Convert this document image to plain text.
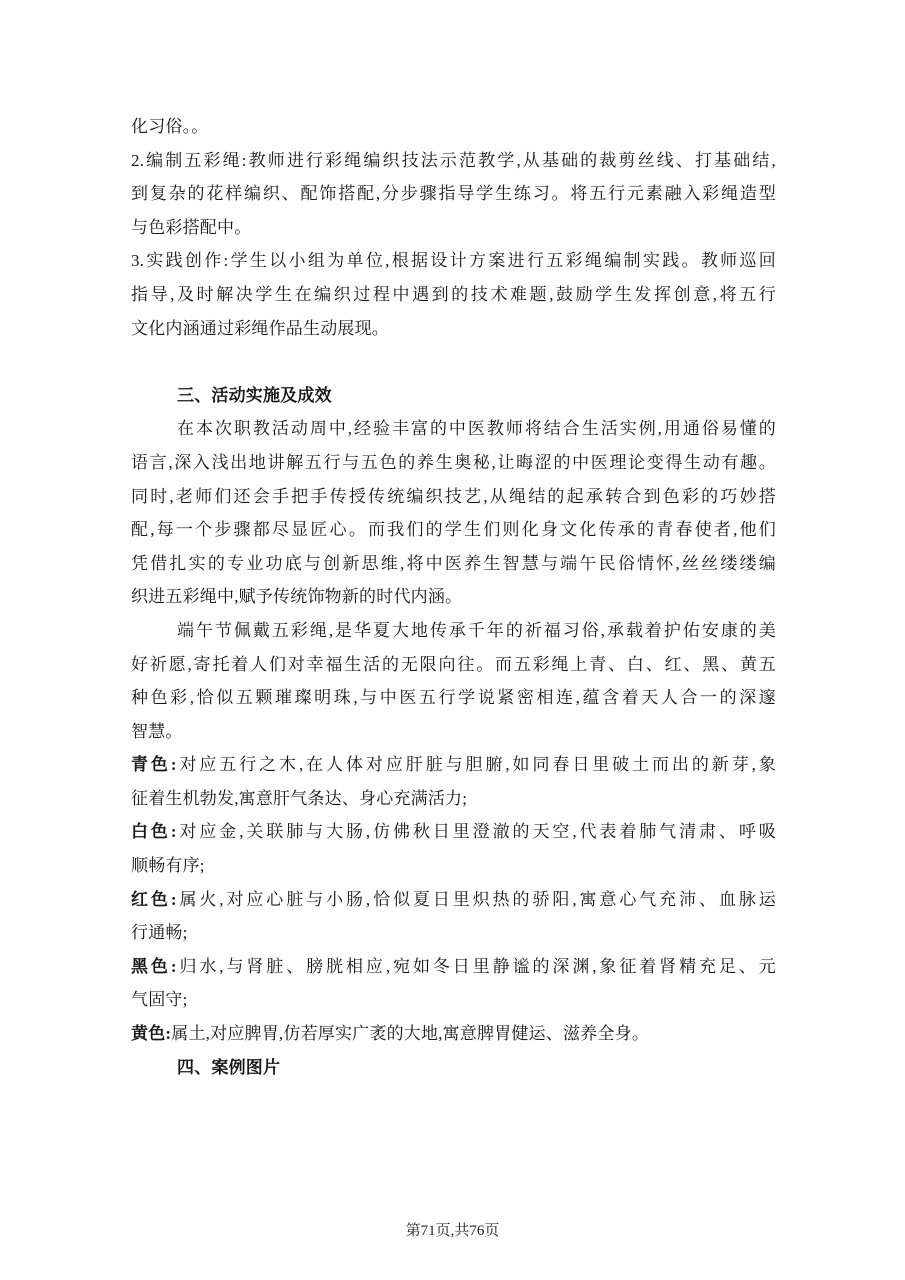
化习俗。。
2.编制五彩绳:教师进行彩绳编织技法示范教学,从基础的裁剪丝线、打基础结,
到复杂的花样编织、配饰搭配,分步骤指导学生练习。将五行元素融入彩绳造型
与色彩搭配中。
3.实践创作:学生以小组为单位,根据设计方案进行五彩绳编制实践。教师巡回
指导,及时解决学生在编织过程中遇到的技术难题,鼓励学生发挥创意,将五行
文化内涵通过彩绳作品生动展现。
三、活动实施及成效
在本次职教活动周中,经验丰富的中医教师将结合生活实例,用通俗易懂的
语言,深入浅出地讲解五行与五色的养生奥秘,让晦涩的中医理论变得生动有趣。
同时,老师们还会手把手传授传统编织技艺,从绳结的起承转合到色彩的巧妙搭
配,每一个步骤都尽显匠心。而我们的学生们则化身文化传承的青春使者,他们
凭借扎实的专业功底与创新思维,将中医养生智慧与端午民俗情怀,丝丝缕缕编
织进五彩绳中,赋予传统饰物新的时代内涵。
端午节佩戴五彩绳,是华夏大地传承千年的祈福习俗,承载着护佑安康的美
好祈愿,寄托着人们对幸福生活的无限向往。而五彩绳上青、白、红、黑、黄五
种色彩,恰似五颗璀璨明珠,与中医五行学说紧密相连,蕴含着天人合一的深邃
智慧。
青色:对应五行之木,在人体对应肝脏与胆腑,如同春日里破土而出的新芽,象
征着生机勃发,寓意肝气条达、身心充满活力;
白色:对应金,关联肺与大肠,仿佛秋日里澄澈的天空,代表着肺气清肃、呼吸
顺畅有序;
红色:属火,对应心脏与小肠,恰似夏日里炽热的骄阳,寓意心气充沛、血脉运
行通畅;
黑色:归水,与肾脏、膀胱相应,宛如冬日里静谧的深渊,象征着肾精充足、元
气固守;
黄色:属土,对应脾胃,仿若厚实广袤的大地,寓意脾胃健运、滋养全身。
四、案例图片
第71页,共76页
